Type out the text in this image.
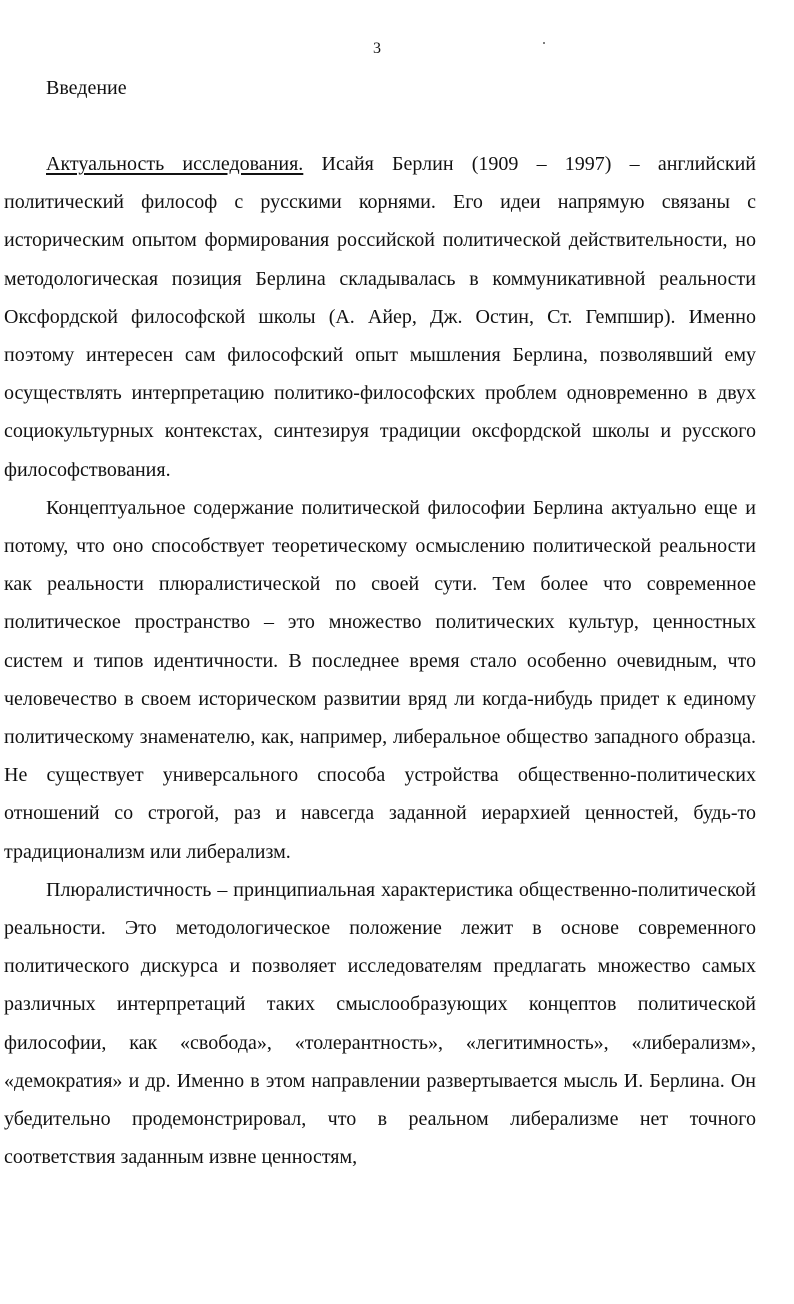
3
Введение

Актуальность исследования. Исайя Берлин (1909 – 1997) – английский политический философ с русскими корнями. Его идеи напрямую связаны с историческим опытом формирования российской политической действительности, но методологическая позиция Берлина складывалась в коммуникативной реальности Оксфордской философской школы (А. Айер, Дж. Остин, Ст. Гемпшир). Именно поэтому интересен сам философский опыт мышления Берлина, позволявший ему осуществлять интерпретацию политико-философских проблем одновременно в двух социокультурных контекстах, синтезируя традиции оксфордской школы и русского философствования.

Концептуальное содержание политической философии Берлина актуально еще и потому, что оно способствует теоретическому осмыслению политической реальности как реальности плюралистической по своей сути. Тем более что современное политическое пространство – это множество политических культур, ценностных систем и типов идентичности. В последнее время стало особенно очевидным, что человечество в своем историческом развитии вряд ли когда-нибудь придет к единому политическому знаменателю, как, например, либеральное общество западного образца. Не существует универсального способа устройства общественно-политических отношений со строгой, раз и навсегда заданной иерархией ценностей, будь-то традиционализм или либерализм.

Плюралистичность – принципиальная характеристика общественно-политической реальности. Это методологическое положение лежит в основе современного политического дискурса и позволяет исследователям предлагать множество самых различных интерпретаций таких смыслообразующих концептов политической философии, как «свобода», «толерантность», «легитимность», «либерализм», «демократия» и др. Именно в этом направлении развертывается мысль И. Берлина. Он убедительно продемонстрировал, что в реальном либерализме нет точного соответствия заданным извне ценностям,
